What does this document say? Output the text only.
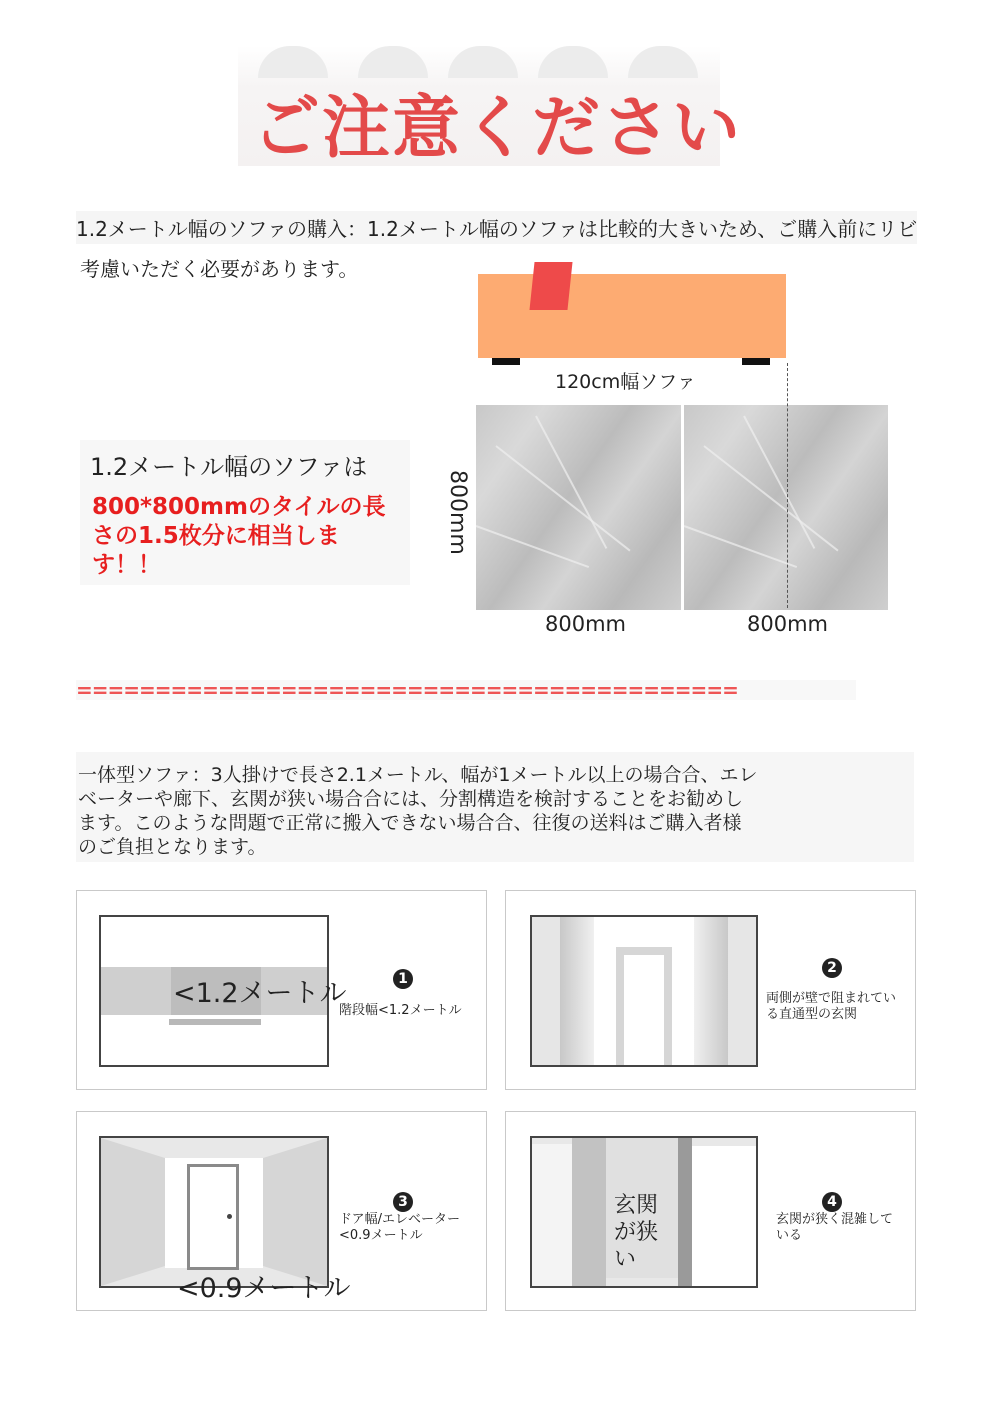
ご注意ください
1.2メートル幅のソファの購入：1.2メートル幅のソファは比較的大きいため、ご購入前にリビ
考慮いただく必要があります。
120cm幅ソファ
800mm
800mm	800mm
1.2メートル幅のソファは
800*800mmのタイルの長さの1.5枚分に相当します！！
==========================================
一体型ソファ：3人掛けで長さ2.1メートル、幅が1メートル以上の場合合、エレベーターや廊下、玄関が狭い場合合には、分割構造を検討することをお勧めします。このような問題で正常に搬入できない場合合、往復の送料はご購入者様のご負担となります。
<1.2メートル	1
階段幅<1.2メートル
2
両側が壁で阻まれている直通型の玄関
<0.9メートル
3
ドア幅/エレベーター<0.9メートル
玄関が狭い
4
玄関が狭く混雑している
